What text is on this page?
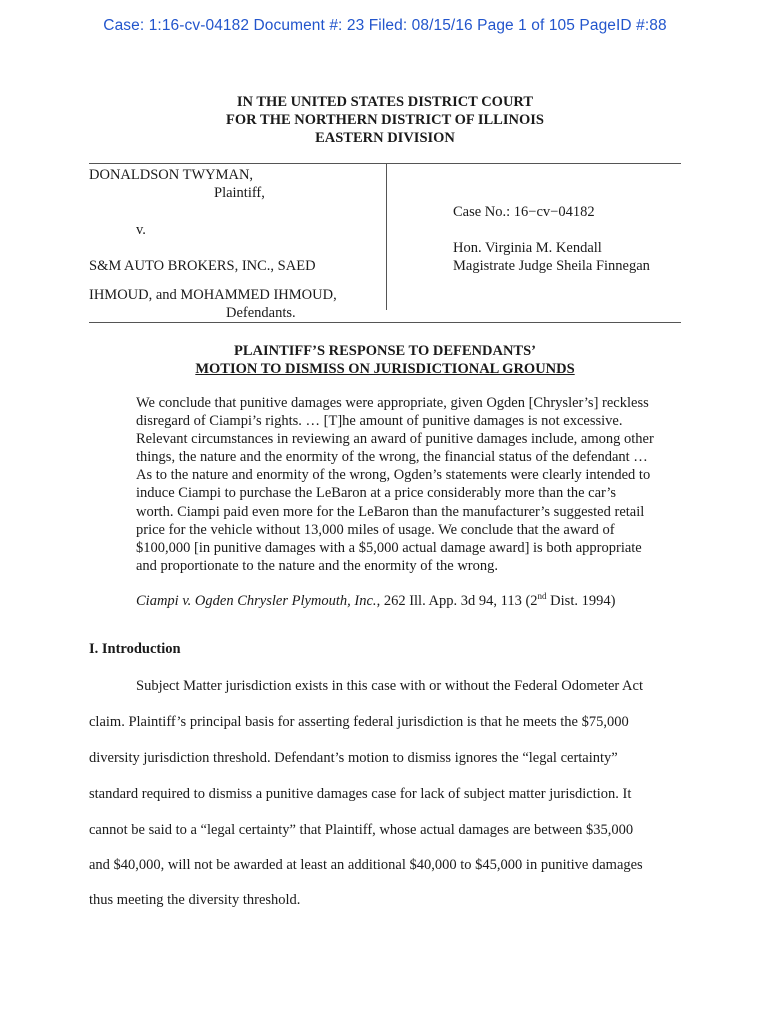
Case: 1:16-cv-04182 Document #: 23 Filed: 08/15/16 Page 1 of 105 PageID #:88
IN THE UNITED STATES DISTRICT COURT
FOR THE NORTHERN DISTRICT OF ILLINOIS
EASTERN DIVISION
DONALDSON TWYMAN,
Plaintiff,
v.
S&M AUTO BROKERS, INC., SAED
IHMOUD, and MOHAMMED IHMOUD,
Defendants.
Case No.: 16−cv−04182
Hon. Virginia M. Kendall
Magistrate Judge Sheila Finnegan
PLAINTIFF’S RESPONSE TO DEFENDANTS’
MOTION TO DISMISS ON JURISDICTIONAL GROUNDS
We conclude that punitive damages were appropriate, given Ogden [Chrysler’s] reckless
disregard of Ciampi’s rights. … [T]he amount of punitive damages is not excessive.
Relevant circumstances in reviewing an award of punitive damages include, among other
things, the nature and the enormity of the wrong, the financial status of the defendant …
As to the nature and enormity of the wrong, Ogden’s statements were clearly intended to
induce Ciampi to purchase the LeBaron at a price considerably more than the car’s
worth. Ciampi paid even more for the LeBaron than the manufacturer’s suggested retail
price for the vehicle without 13,000 miles of usage. We conclude that the award of
$100,000 [in punitive damages with a $5,000 actual damage award] is both appropriate
and proportionate to the nature and the enormity of the wrong.
Ciampi v. Ogden Chrysler Plymouth, Inc., 262 Ill. App. 3d 94, 113 (2nd Dist. 1994)
I. Introduction
Subject Matter jurisdiction exists in this case with or without the Federal Odometer Act
claim. Plaintiff’s principal basis for asserting federal jurisdiction is that he meets the $75,000
diversity jurisdiction threshold. Defendant’s motion to dismiss ignores the “legal certainty”
standard required to dismiss a punitive damages case for lack of subject matter jurisdiction. It
cannot be said to a “legal certainty” that Plaintiff, whose actual damages are between $35,000
and $40,000, will not be awarded at least an additional $40,000 to $45,000 in punitive damages
thus meeting the diversity threshold.
